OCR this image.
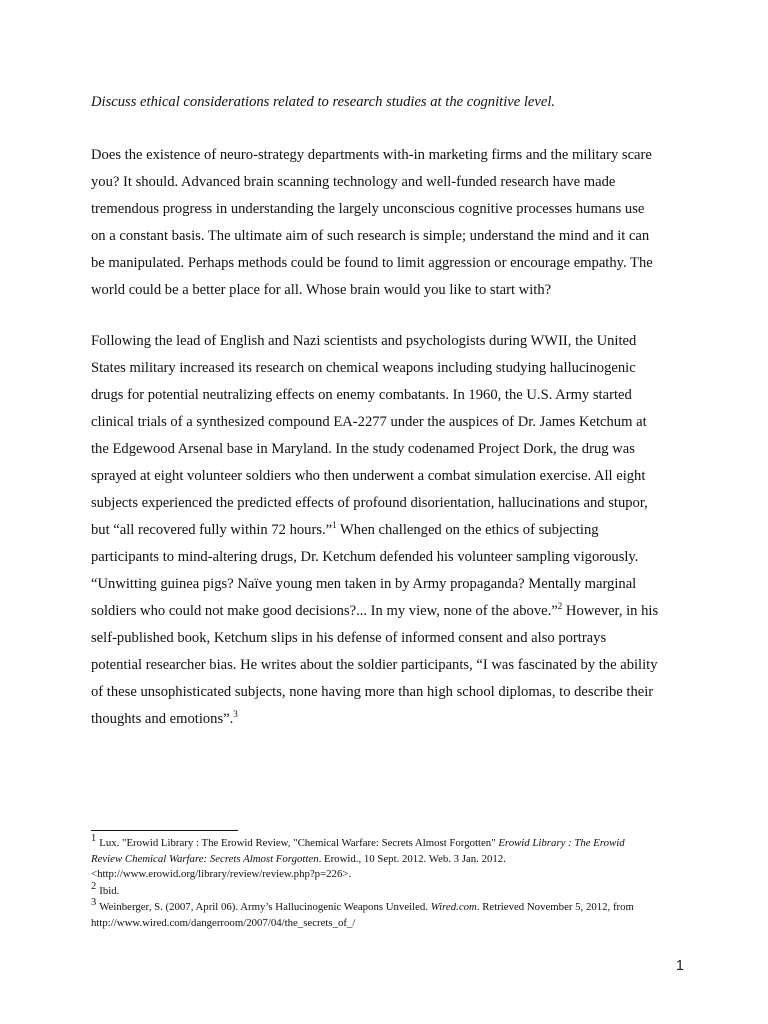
Discuss ethical considerations related to research studies at the cognitive level.

Does the existence of neuro-strategy departments with-in marketing firms and the military scare
you? It should. Advanced brain scanning technology and well-funded research have made
tremendous progress in understanding the largely unconscious cognitive processes humans use
on a constant basis. The ultimate aim of such research is simple; understand the mind and it can
be manipulated. Perhaps methods could be found to limit aggression or encourage empathy. The
world could be a better place for all. Whose brain would you like to start with?
Following the lead of English and Nazi scientists and psychologists during WWII, the United
States military increased its research on chemical weapons including studying hallucinogenic
drugs for potential neutralizing effects on enemy combatants. In 1960, the U.S. Army started
clinical trials of a synthesized compound EA-2277 under the auspices of Dr. James Ketchum at
the Edgewood Arsenal base in Maryland. In the study codenamed Project Dork, the drug was
sprayed at eight volunteer soldiers who then underwent a combat simulation exercise. All eight
subjects experienced the predicted effects of profound disorientation, hallucinations and stupor,
but “all recovered fully within 72 hours.”$^1$ When challenged on the ethics of subjecting
participants to mind-altering drugs, Dr. Ketchum defended his volunteer sampling vigorously.
“Unwitting guinea pigs? Naïve young men taken in by Army propaganda? Mentally marginal
soldiers who could not make good decisions?... In my view, none of the above.”$^2$ However, in his
self-published book, Ketchum slips in his defense of informed consent and also portrays
potential researcher bias. He writes about the soldier participants, “I was fascinated by the ability
of these unsophisticated subjects, none having more than high school diplomas, to describe their
thoughts and emotions”.$^3$
1 Lux. "Erowid Library : The Erowid Review, "Chemical Warfare: Secrets Almost Forgotten" Erowid Library : The Erowid
Review Chemical Warfare: Secrets Almost Forgotten. Erowid., 10 Sept. 2012. Web. 3 Jan. 2012.
<http://www.erowid.org/library/review/review.php?p=226>.
2 Ibid.
3 Weinberger, S. (2007, April 06). Army’s Hallucinogenic Weapons Unveiled. Wired.com. Retrieved November 5, 2012, from
http://www.wired.com/dangerroom/2007/04/the_secrets_of_/
1
